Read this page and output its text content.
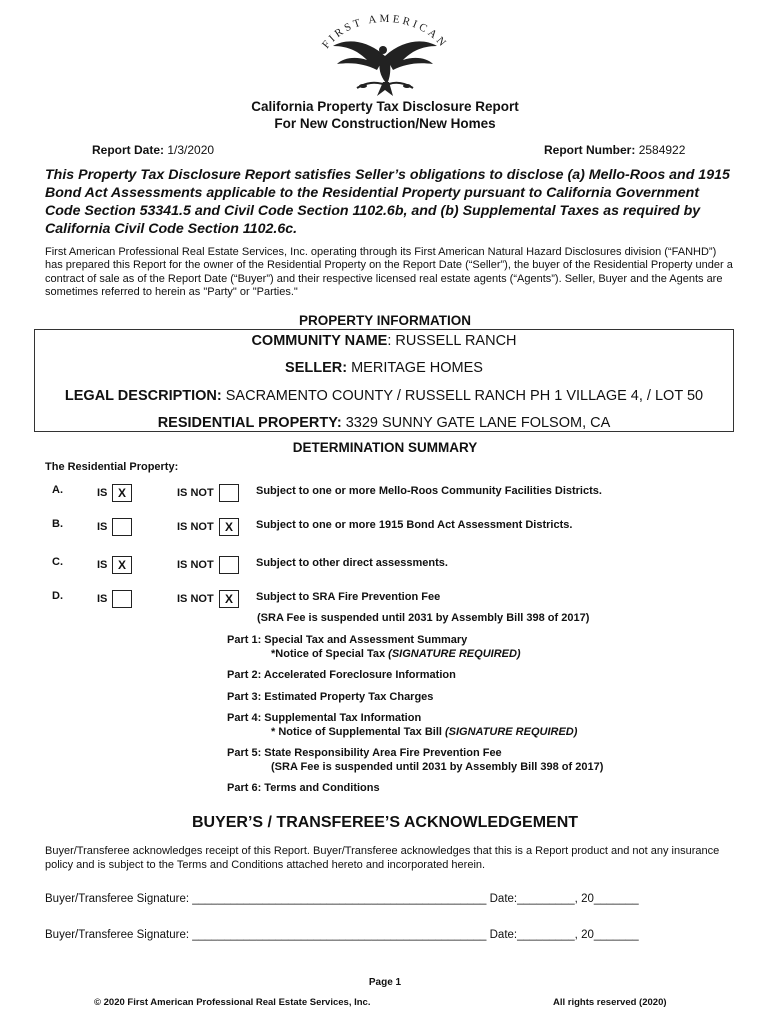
FIRST AMERICAN
California Property Tax Disclosure Report
For New Construction/New Homes
Report Date: 1/3/2020	Report Number: 2584922
This Property Tax Disclosure Report satisfies Seller’s obligations to disclose (a) Mello-Roos and 1915 Bond Act Assessments applicable to the Residential Property pursuant to California Government Code Section 53341.5 and Civil Code Section 1102.6b, and (b) Supplemental Taxes as required by California Civil Code Section 1102.6c.
First American Professional Real Estate Services, Inc. operating through its First American Natural Hazard Disclosures division (“FANHD”) has prepared this Report for the owner of the Residential Property on the Report Date (“Seller”), the buyer of the Residential Property under a contract of sale as of the Report Date (“Buyer”) and their respective licensed real estate agents (“Agents”). Seller, Buyer and the Agents are sometimes referred to herein as "Party" or "Parties."
PROPERTY INFORMATION
COMMUNITY NAME: RUSSELL RANCH
SELLER: MERITAGE HOMES
LEGAL DESCRIPTION: SACRAMENTO COUNTY / RUSSELL RANCH PH 1 VILLAGE 4, / LOT 50
RESIDENTIAL PROPERTY: 3329 SUNNY GATE LANE FOLSOM, CA
DETERMINATION SUMMARY
The Residential Property:
A.	IS X	IS NOT	Subject to one or more Mello-Roos Community Facilities Districts.
B.	IS	IS NOT X	Subject to one or more 1915 Bond Act Assessment Districts.
C.	IS X	IS NOT	Subject to other direct assessments.
D.	IS	IS NOT X	Subject to SRA Fire Prevention Fee
(SRA Fee is suspended until 2031 by Assembly Bill 398 of 2017)
Part 1: Special Tax and Assessment Summary
*Notice of Special Tax (SIGNATURE REQUIRED)
Part 2: Accelerated Foreclosure Information
Part 3: Estimated Property Tax Charges
Part 4: Supplemental Tax Information
* Notice of Supplemental Tax Bill (SIGNATURE REQUIRED)
Part 5: State Responsibility Area Fire Prevention Fee
(SRA Fee is suspended until 2031 by Assembly Bill 398 of 2017)
Part 6: Terms and Conditions
BUYER’S / TRANSFEREE’S ACKNOWLEDGEMENT
Buyer/Transferee acknowledges receipt of this Report. Buyer/Transferee acknowledges that this is a Report product and not any insurance policy and is subject to the Terms and Conditions attached hereto and incorporated herein.
Buyer/Transferee Signature: ______________________________________________ Date:_________, 20_______
Buyer/Transferee Signature: ______________________________________________ Date:_________, 20_______
Page 1
© 2020 First American Professional Real Estate Services, Inc.	All rights reserved (2020)
